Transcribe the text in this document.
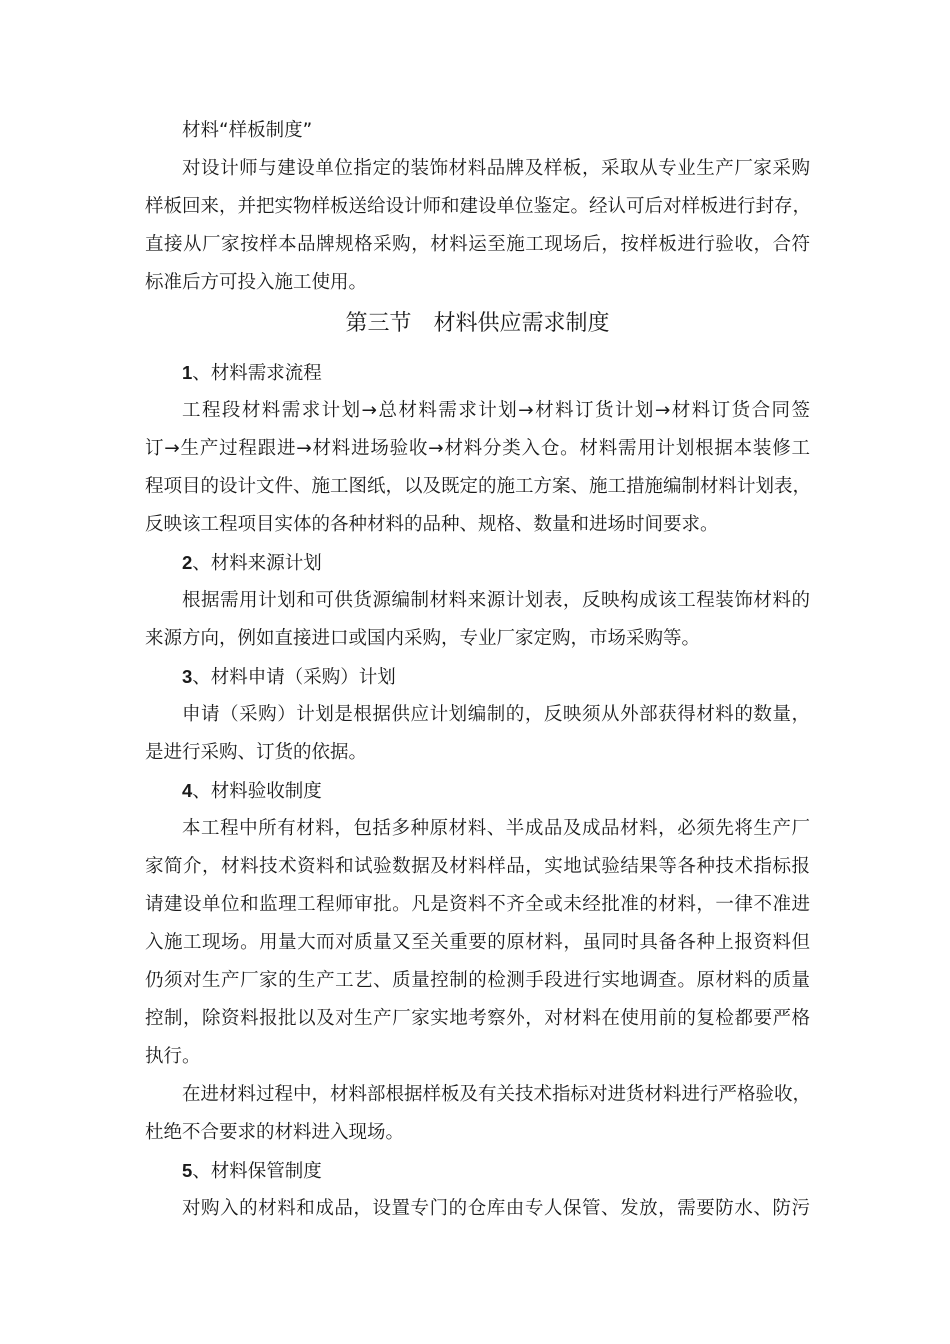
材料“样板制度”
对设计师与建设单位指定的装饰材料品牌及样板，采取从专业生产厂家采购
样板回来，并把实物样板送给设计师和建设单位鉴定。经认可后对样板进行封存，
直接从厂家按样本品牌规格采购，材料运至施工现场后，按样板进行验收，合符
标准后方可投入施工使用。
第三节　材料供应需求制度
1、材料需求流程
工程段材料需求计划→总材料需求计划→材料订货计划→材料订货合同签
订→生产过程跟进→材料进场验收→材料分类入仓。材料需用计划根据本装修工
程项目的设计文件、施工图纸，以及既定的施工方案、施工措施编制材料计划表，
反映该工程项目实体的各种材料的品种、规格、数量和进场时间要求。
2、材料来源计划
根据需用计划和可供货源编制材料来源计划表，反映构成该工程装饰材料的
来源方向，例如直接进口或国内采购，专业厂家定购，市场采购等。
3、材料申请（采购）计划
申请（采购）计划是根据供应计划编制的，反映须从外部获得材料的数量，
是进行采购、订货的依据。
4、材料验收制度
本工程中所有材料，包括多种原材料、半成品及成品材料，必须先将生产厂
家简介，材料技术资料和试验数据及材料样品，实地试验结果等各种技术指标报
请建设单位和监理工程师审批。凡是资料不齐全或未经批准的材料，一律不准进
入施工现场。用量大而对质量又至关重要的原材料，虽同时具备各种上报资料但
仍须对生产厂家的生产工艺、质量控制的检测手段进行实地调查。原材料的质量
控制，除资料报批以及对生产厂家实地考察外，对材料在使用前的复检都要严格
执行。
在进材料过程中，材料部根据样板及有关技术指标对进货材料进行严格验收，
杜绝不合要求的材料进入现场。
5、材料保管制度
对购入的材料和成品，设置专门的仓库由专人保管、发放，需要防水、防污
